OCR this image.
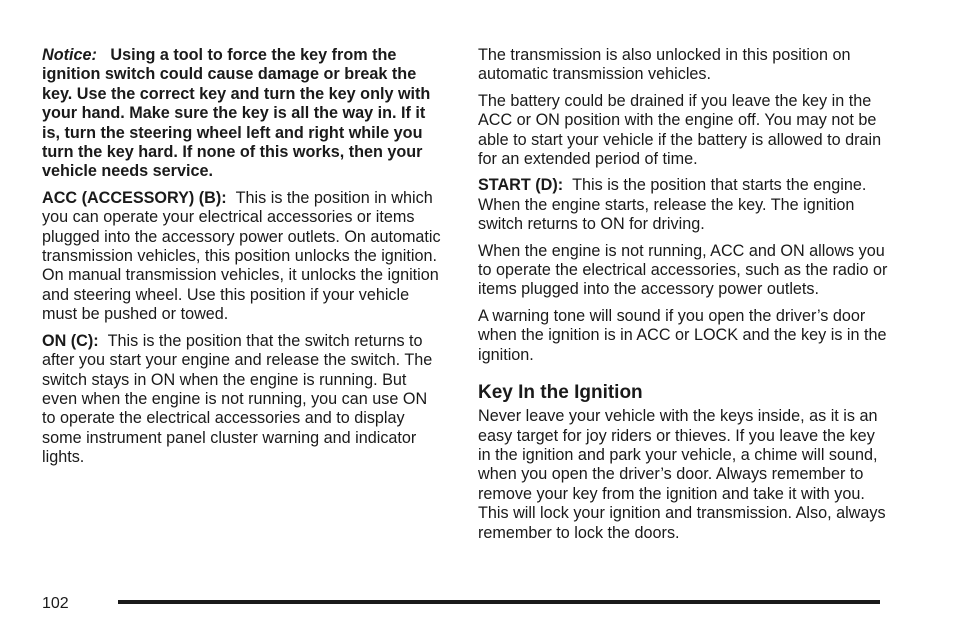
Notice: Using a tool to force the key from the ignition switch could cause damage or break the key. Use the correct key and turn the key only with your hand. Make sure the key is all the way in. If it is, turn the steering wheel left and right while you turn the key hard. If none of this works, then your vehicle needs service.

ACC (ACCESSORY) (B): This is the position in which you can operate your electrical accessories or items plugged into the accessory power outlets. On automatic transmission vehicles, this position unlocks the ignition. On manual transmission vehicles, it unlocks the ignition and steering wheel. Use this position if your vehicle must be pushed or towed.

ON (C): This is the position that the switch returns to after you start your engine and release the switch. The switch stays in ON when the engine is running. But even when the engine is not running, you can use ON to operate the electrical accessories and to display some instrument panel cluster warning and indicator lights.

The transmission is also unlocked in this position on automatic transmission vehicles.

The battery could be drained if you leave the key in the ACC or ON position with the engine off. You may not be able to start your vehicle if the battery is allowed to drain for an extended period of time.

START (D): This is the position that starts the engine. When the engine starts, release the key. The ignition switch returns to ON for driving.

When the engine is not running, ACC and ON allows you to operate the electrical accessories, such as the radio or items plugged into the accessory power outlets.

A warning tone will sound if you open the driver’s door when the ignition is in ACC or LOCK and the key is in the ignition.

Key In the Ignition

Never leave your vehicle with the keys inside, as it is an easy target for joy riders or thieves. If you leave the key in the ignition and park your vehicle, a chime will sound, when you open the driver’s door. Always remember to remove your key from the ignition and take it with you. This will lock your ignition and transmission. Also, always remember to lock the doors.

102
